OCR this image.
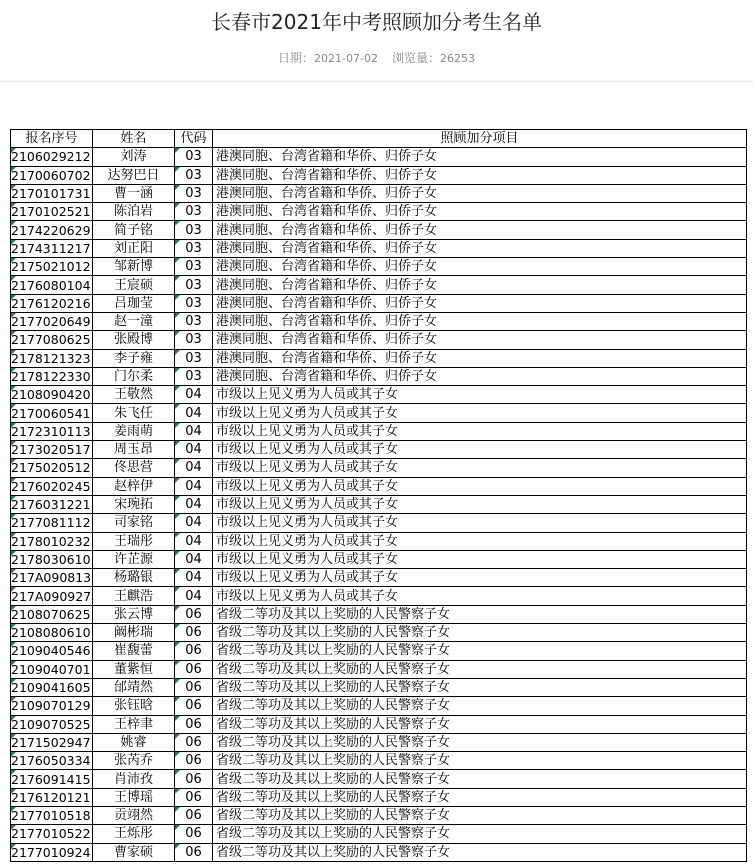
长春市2021年中考照顾加分考生名单
日期：2021-07-02 浏览量：26253
报名序号	姓名	代码	照顾加分项目

2106029212	刘涛	03	港澳同胞、台湾省籍和华侨、归侨子女

2170060702	达努巴日	03	港澳同胞、台湾省籍和华侨、归侨子女

2170101731	曹一涵	03	港澳同胞、台湾省籍和华侨、归侨子女

2170102521	陈泊岩	03	港澳同胞、台湾省籍和华侨、归侨子女

2174220629	简子铭	03	港澳同胞、台湾省籍和华侨、归侨子女

2174311217	刘正阳	03	港澳同胞、台湾省籍和华侨、归侨子女

2175021012	邹新博	03	港澳同胞、台湾省籍和华侨、归侨子女

2176080104	王宸硕	03	港澳同胞、台湾省籍和华侨、归侨子女

2176120216	吕珈莹	03	港澳同胞、台湾省籍和华侨、归侨子女

2177020649	赵一潼	03	港澳同胞、台湾省籍和华侨、归侨子女

2177080625	张殿博	03	港澳同胞、台湾省籍和华侨、归侨子女

2178121323	李子雍	03	港澳同胞、台湾省籍和华侨、归侨子女

2178122330	门尔柔	03	港澳同胞、台湾省籍和华侨、归侨子女

2108090420	王敬然	04	市级以上见义勇为人员或其子女

2170060541	朱飞任	04	市级以上见义勇为人员或其子女

2172310113	姜雨萌	04	市级以上见义勇为人员或其子女

2173020517	周玉昂	04	市级以上见义勇为人员或其子女

2175020512	佟思营	04	市级以上见义勇为人员或其子女

2176020245	赵梓伊	04	市级以上见义勇为人员或其子女

2176031221	宋琬拓	04	市级以上见义勇为人员或其子女

2177081112	司家铭	04	市级以上见义勇为人员或其子女

2178010232	王瑞彤	04	市级以上见义勇为人员或其子女

2178030610	许芷源	04	市级以上见义勇为人员或其子女

217A090813	杨璐银	04	市级以上见义勇为人员或其子女

217A090927	王麒浩	04	市级以上见义勇为人员或其子女

2108070625	张云博	06	省级二等功及其以上奖励的人民警察子女

2108080610	阚彬瑞	06	省级二等功及其以上奖励的人民警察子女

2109040546	崔馥蕾	06	省级二等功及其以上奖励的人民警察子女

2109040701	董紫恒	06	省级二等功及其以上奖励的人民警察子女

2109041605	邰靖然	06	省级二等功及其以上奖励的人民警察子女

2109070129	张钰晗	06	省级二等功及其以上奖励的人民警察子女

2109070525	王梓聿	06	省级二等功及其以上奖励的人民警察子女

2171502947	姚睿	06	省级二等功及其以上奖励的人民警察子女

2176050334	张芮乔	06	省级二等功及其以上奖励的人民警察子女

2176091415	肖沛孜	06	省级二等功及其以上奖励的人民警察子女

2176120121	王博瑶	06	省级二等功及其以上奖励的人民警察子女

2177010518	贡翊然	06	省级二等功及其以上奖励的人民警察子女

2177010522	王烁彤	06	省级二等功及其以上奖励的人民警察子女

2177010924	曹家硕	06	省级二等功及其以上奖励的人民警察子女
